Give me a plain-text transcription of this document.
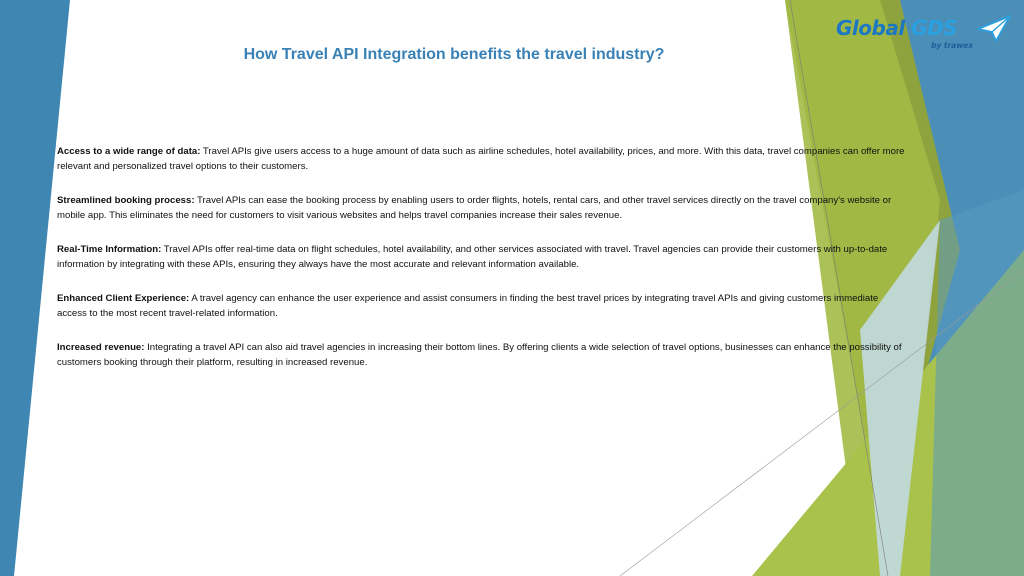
Global GDS
by trawex
How Travel API Integration benefits the travel industry?

Access to a wide range of data: Travel APIs give users access to a huge amount of data such as airline schedules, hotel availability, prices, and more. With this data, travel companies can offer more relevant and personalized travel options to their customers.

Streamlined booking process: Travel APIs can ease the booking process by enabling users to order flights, hotels, rental cars, and other travel services directly on the travel company's website or mobile app. This eliminates the need for customers to visit various websites and helps travel companies increase their sales revenue.

Real-Time Information: Travel APIs offer real-time data on flight schedules, hotel availability, and other services associated with travel. Travel agencies can provide their customers with up-to-date information by integrating with these APIs, ensuring they always have the most accurate and relevant information available.

Enhanced Client Experience: A travel agency can enhance the user experience and assist consumers in finding the best travel prices by integrating travel APIs and giving customers immediate access to the most recent travel-related information.

Increased revenue: Integrating a travel API can also aid travel agencies in increasing their bottom lines. By offering clients a wide selection of travel options, businesses can enhance the possibility of customers booking through their platform, resulting in increased revenue.
